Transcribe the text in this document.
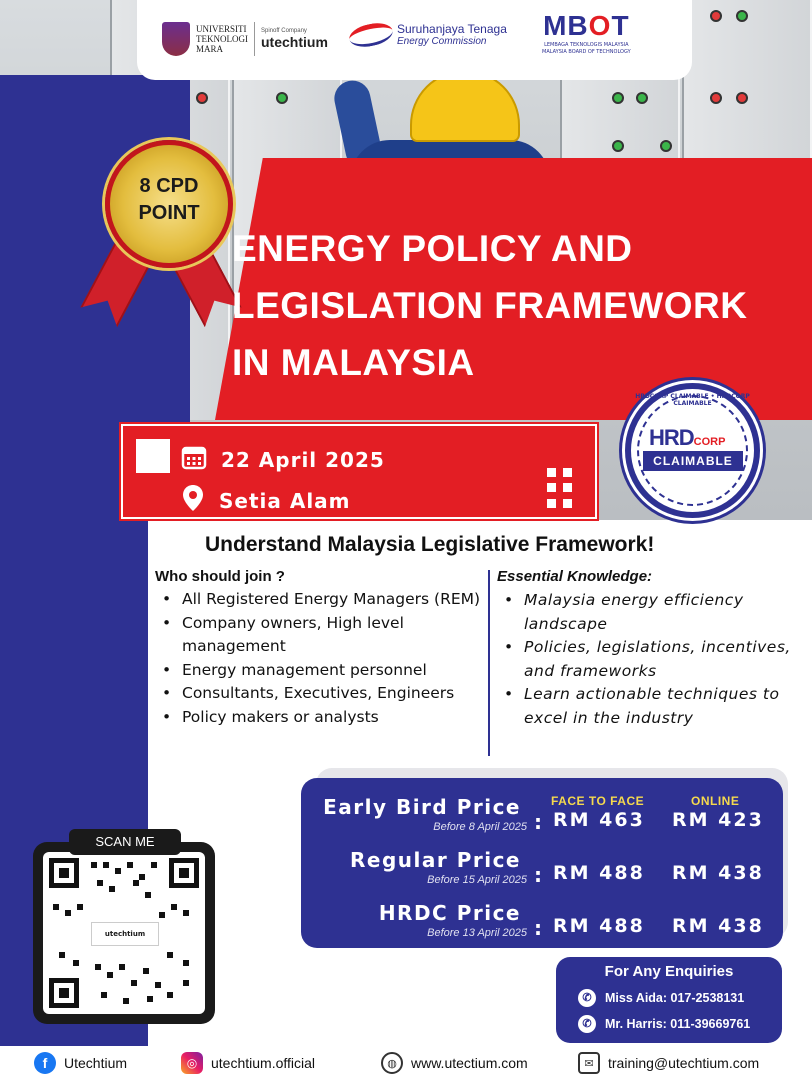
UNIVERSITI
TEKNOLOGI
MARA
Spinoff Company
utechtium
Suruhanjaya Tenaga
Energy Commission
MBOT
LEMBAGA TEKNOLOGIS MALAYSIA
MALAYSIA BOARD OF TECHNOLOGY
8 CPD
POINT
ENERGY POLICY AND
LEGISLATION FRAMEWORK
IN MALAYSIA
22 April 2025
Setia Alam
HRDCORP CLAIMABLE • HRDCORP CLAIMABLE
HRDCORP
CLAIMABLE
Understand Malaysia Legislative Framework!
Who should join ?	Essential Knowledge:
• All Registered Energy Managers (REM)
• Company owners, High level management
• Energy management personnel
• Consultants, Executives, Engineers
• Policy makers or analysts
• Malaysia energy efficiency landscape
• Policies, legislations, incentives, and frameworks
• Learn actionable techniques to excel in the industry
FACE TO FACE	ONLINE
Early Bird Price
Before 8 April 2025 : RM 463 RM 423
Regular Price
Before 15 April 2025 : RM 488 RM 438
HRDC Price
Before 13 April 2025 : RM 488 RM 438
utechtium
SCAN ME
For Any Enquiries
✆	Miss Aida: 017-2538131
✆	Mr. Harris: 011-39669761
f	Utechtium	◎ utechtium.official	◍	www.utectium.com	✉	training@utechtium.com
